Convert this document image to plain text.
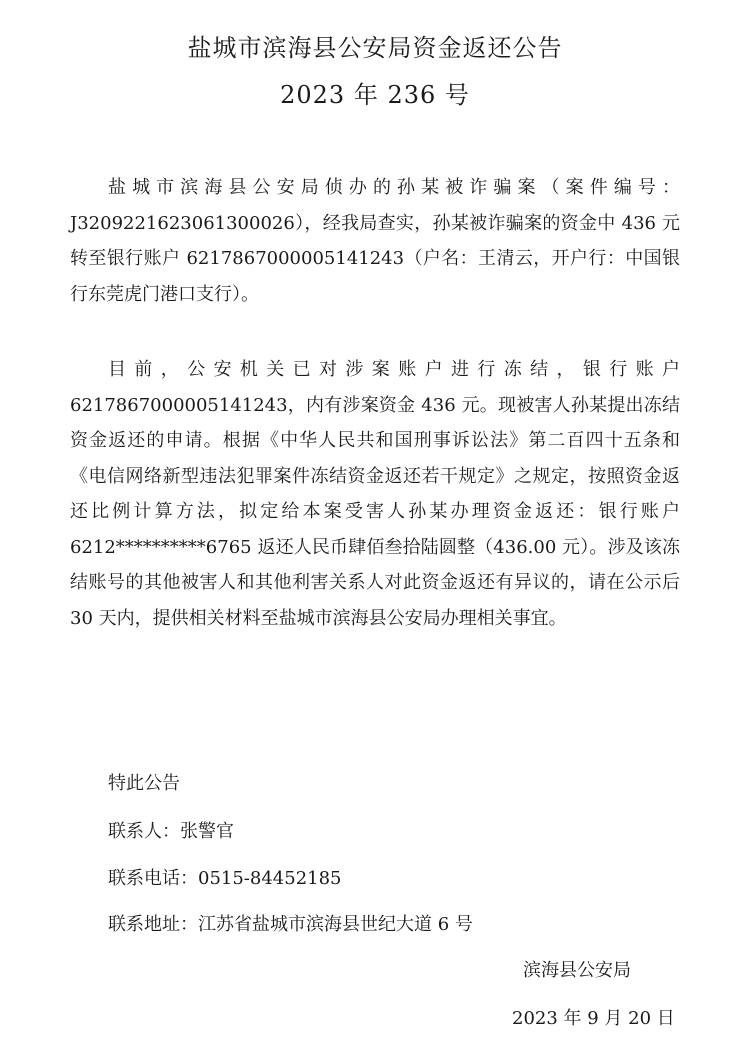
盐城市滨海县公安局资金返还公告
2023 年 236 号
盐城市滨海县公安局侦办的孙某被诈骗案（案件编号：J3209221623061300026），经我局查实，孙某被诈骗案的资金中 436 元转至银行账户 6217867000005141243（户名：王清云，开户行：中国银行东莞虎门港口支行）。
目前，公安机关已对涉案账户进行冻结，银行账户 6217867000005141243，内有涉案资金 436 元。现被害人孙某提出冻结资金返还的申请。根据《中华人民共和国刑事诉讼法》第二百四十五条和《电信网络新型违法犯罪案件冻结资金返还若干规定》之规定，按照资金返还比例计算方法，拟定给本案受害人孙某办理资金返还：银行账户 6212**********6765 返还人民币肆佰叁拾陆圆整（436.00 元）。涉及该冻结账号的其他被害人和其他利害关系人对此资金返还有异议的，请在公示后 30 天内，提供相关材料至盐城市滨海县公安局办理相关事宜。
特此公告
联系人：张警官
联系电话：0515-84452185
联系地址：江苏省盐城市滨海县世纪大道 6 号
滨海县公安局
2023 年 9 月 20 日
